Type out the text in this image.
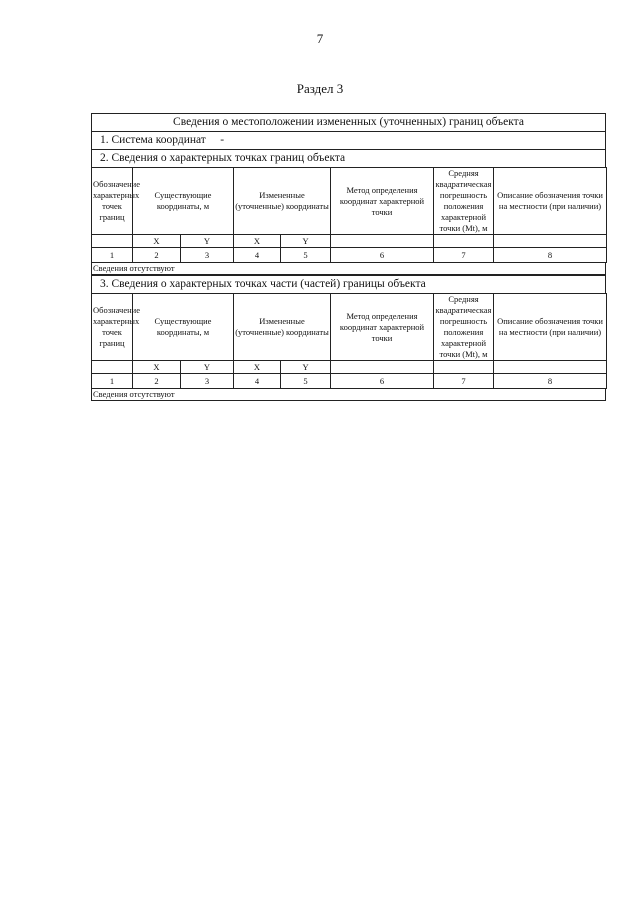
7
Раздел 3
Сведения о местоположении измененных (уточненных) границ объекта
1. Система координат -
2. Сведения о характерных точках границ объекта
Обозначение характерных точек границ	Существующие координаты, м		Измененные (уточненные) координаты		Метод определения координат характерной точки	Средняя квадратическая погрешность положения характерной точки (Mt), м	Описание обозначения точки на местности (при наличии)
	X	Y	X	Y			
1	2	3	4	5	6	7	8
Сведения отсутствуют
3. Сведения о характерных точках части (частей) границы объекта
Обозначение характерных точек границ	Существующие координаты, м		Измененные (уточненные) координаты		Метод определения координат характерной точки	Средняя квадратическая погрешность положения характерной точки (Mt), м	Описание обозначения точки на местности (при наличии)
	X	Y	X	Y			
1	2	3	4	5	6	7	8
Сведения отсутствуют
